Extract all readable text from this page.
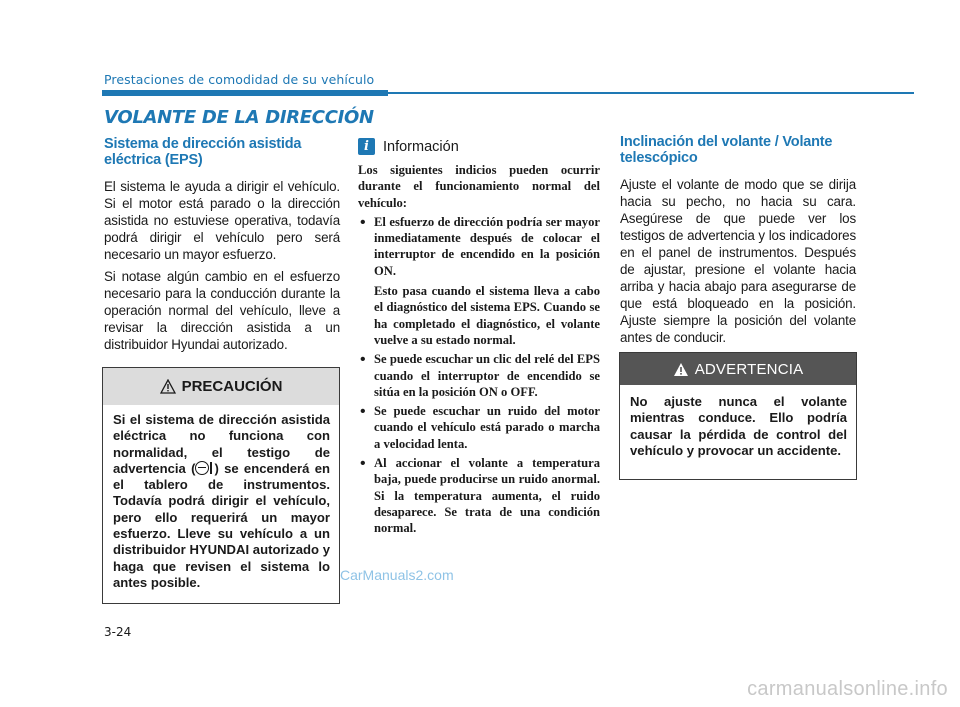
Prestaciones de comodidad de su vehículo
VOLANTE DE LA DIRECCIÓN
Sistema de dirección asistida eléctrica (EPS)

El sistema le ayuda a dirigir el vehículo. Si el motor está parado o la dirección asistida no estuviese operativa, todavía podrá dirigir el vehículo pero será necesario un mayor esfuerzo.

Si notase algún cambio en el esfuerzo necesario para la conducción durante la operación normal del vehículo, lleve a revisar la dirección asistida a un distribuidor Hyundai autorizado.

PRECAUCIÓN
Si el sistema de dirección asistida eléctrica no funciona con normalidad, el testigo de advertencia ( ) se encenderá en el tablero de instrumentos. Todavía podrá dirigir el vehículo, pero ello requerirá un mayor esfuerzo. Lleve su vehículo a un distribuidor HYUNDAI autorizado y haga que revisen el sistema lo antes posible.
i Información

Los siguientes indicios pueden ocurrir durante el funcionamiento normal del vehículo:

• El esfuerzo de dirección podría ser mayor inmediatamente después de colocar el interruptor de encendido en la posición ON.

Esto pasa cuando el sistema lleva a cabo el diagnóstico del sistema EPS. Cuando se ha completado el diagnóstico, el volante vuelve a su estado normal.

• Se puede escuchar un clic del relé del EPS cuando el interruptor de encendido se sitúa en la posición ON o OFF.

• Se puede escuchar un ruido del motor cuando el vehículo está parado o marcha a velocidad lenta.

• Al accionar el volante a temperatura baja, puede producirse un ruido anormal. Si la temperatura aumenta, el ruido desaparece. Se trata de una condición normal.

Inclinación del volante / Volante telescópico

Ajuste el volante de modo que se dirija hacia su pecho, no hacia su cara. Asegúrese de que puede ver los testigos de advertencia y los indicadores en el panel de instrumentos. Después de ajustar, presione el volante hacia arriba y hacia abajo para asegurarse de que está bloqueado en la posición. Ajuste siempre la posición del volante antes de conducir.

ADVERTENCIA
No ajuste nunca el volante mientras conduce. Ello podría causar la pérdida de control del vehículo y provocar un accidente.
CarManuals2.com
3-24
carmanualsonline.info
